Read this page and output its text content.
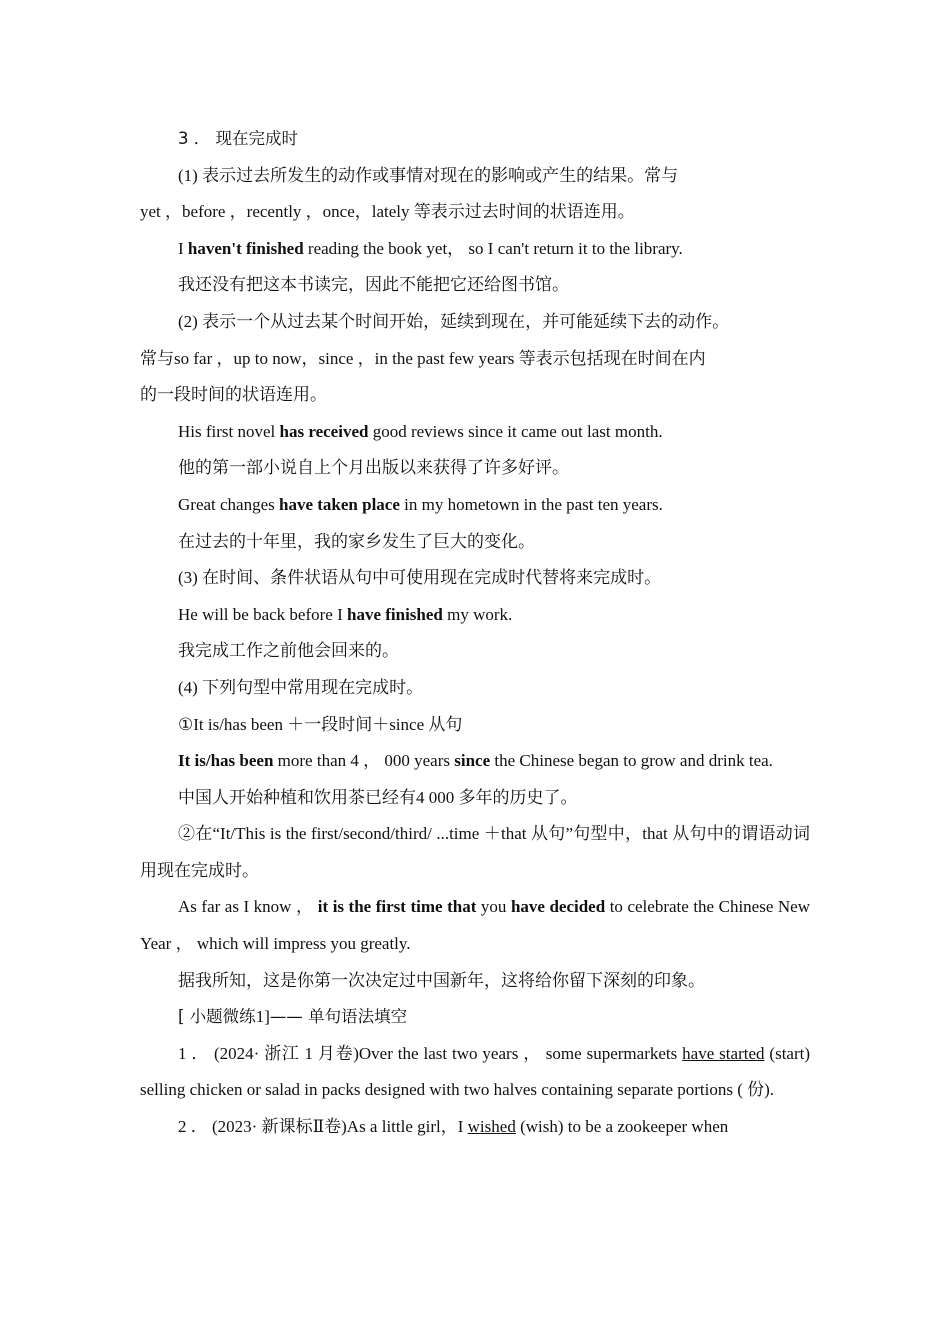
3 ． 现在完成时

(1) 表示过去所发生的动作或事情对现在的影响或产生的结果。常与

yet ，before ，recently ，once，lately 等表示过去时间的状语连用。

I haven't finished reading the book yet， so I can't return it to the library.

我还没有把这本书读完，因此不能把它还给图书馆。

(2) 表示一个从过去某个时间开始，延续到现在，并可能延续下去的动作。

常与so far ，up to now，since ，in the past few years 等表示包括现在时间在内

的一段时间的状语连用。

His first novel has received good reviews since it came out last month.

他的第一部小说自上个月出版以来获得了许多好评。

Great changes have taken place in my hometown in the past ten years.

在过去的十年里，我的家乡发生了巨大的变化。

(3) 在时间、条件状语从句中可使用现在完成时代替将来完成时。

He will be back before I have finished my work.

我完成工作之前他会回来的。

(4) 下列句型中常用现在完成时。

①It is/has been ＋一段时间＋since 从句

It is/has been more than 4 ， 000 years since the Chinese began to grow and drink tea.

中国人开始种植和饮用茶已经有4 000 多年的历史了。

②在“It/This is the first/second/third/ ...time ＋that 从句”句型中，that 从句中的谓语动词用现在完成时。

As far as I know ， it is the first time that you have decided to celebrate the Chinese New Year ， which will impress you greatly.

据我所知，这是你第一次决定过中国新年，这将给你留下深刻的印象。

[ 小题微练1]—— 单句语法填空

1 ． (2024· 浙江 1 月卷)Over the last two years ， some supermarkets have started (start) selling chicken or salad in packs designed with two halves containing separate portions ( 份).

2 ． (2023· 新课标Ⅱ卷)As a little girl，I wished (wish) to be a zookeeper when
